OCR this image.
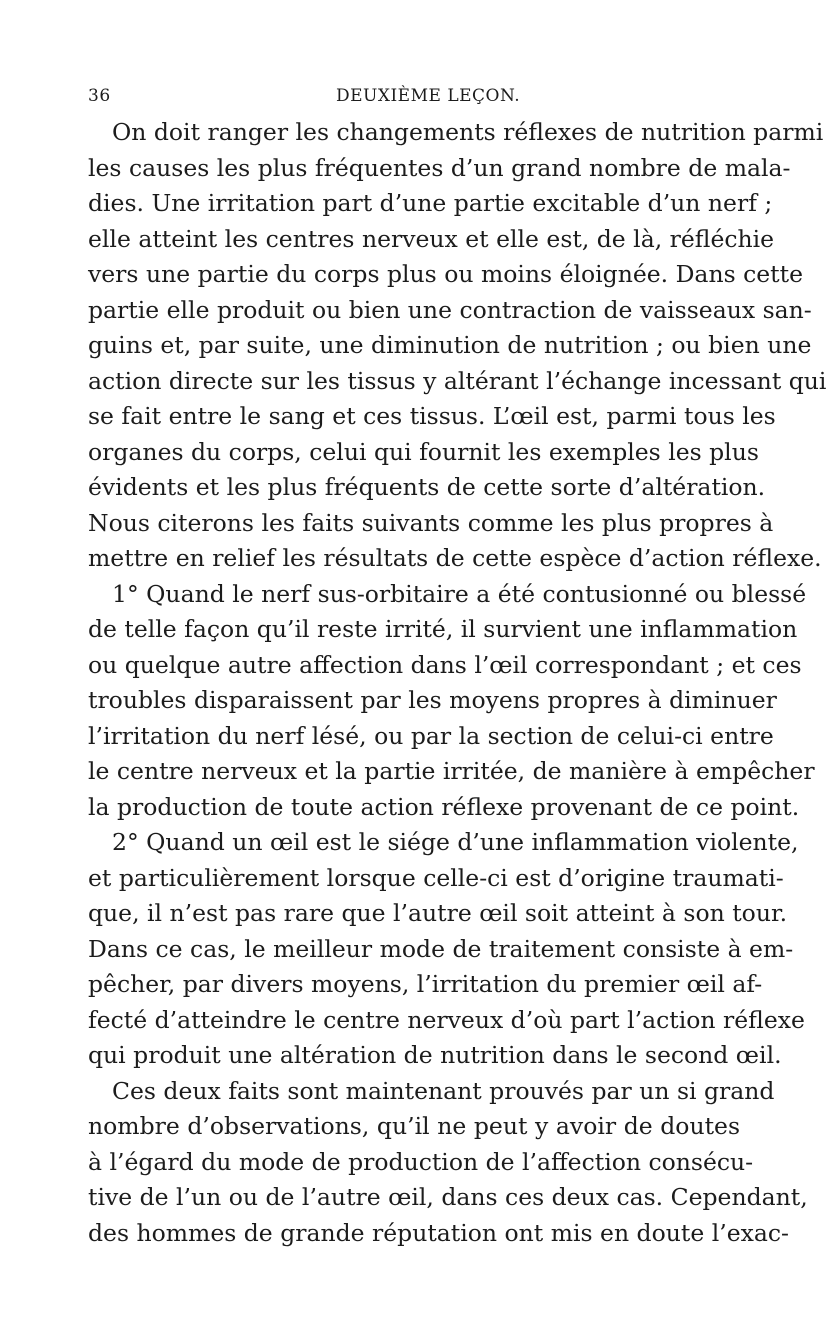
36	DEUXIÈME LEÇON.
On doit ranger les changements réflexes de nutrition parmi
les causes les plus fréquentes d’un grand nombre de mala-
dies. Une irritation part d’une partie excitable d’un nerf ;
elle atteint les centres nerveux et elle est, de là, réfléchie
vers une partie du corps plus ou moins éloignée. Dans cette
partie elle produit ou bien une contraction de vaisseaux san-
guins et, par suite, une diminution de nutrition ; ou bien une
action directe sur les tissus y altérant l’échange incessant qui
se fait entre le sang et ces tissus. L’œil est, parmi tous les
organes du corps, celui qui fournit les exemples les plus
évidents et les plus fréquents de cette sorte d’altération.
Nous citerons les faits suivants comme les plus propres à
mettre en relief les résultats de cette espèce d’action réflexe.
1° Quand le nerf sus-orbitaire a été contusionné ou blessé
de telle façon qu’il reste irrité, il survient une inflammation
ou quelque autre affection dans l’œil correspondant ; et ces
troubles disparaissent par les moyens propres à diminuer
l’irritation du nerf lésé, ou par la section de celui-ci entre
le centre nerveux et la partie irritée, de manière à empêcher
la production de toute action réflexe provenant de ce point.
2° Quand un œil est le siége d’une inflammation violente,
et particulièrement lorsque celle-ci est d’origine traumati-
que, il n’est pas rare que l’autre œil soit atteint à son tour.
Dans ce cas, le meilleur mode de traitement consiste à em-
pêcher, par divers moyens, l’irritation du premier œil af-
fecté d’atteindre le centre nerveux d’où part l’action réflexe
qui produit une altération de nutrition dans le second œil.
Ces deux faits sont maintenant prouvés par un si grand
nombre d’observations, qu’il ne peut y avoir de doutes
à l’égard du mode de production de l’affection consécu-
tive de l’un ou de l’autre œil, dans ces deux cas. Cependant,
des hommes de grande réputation ont mis en doute l’exac-
